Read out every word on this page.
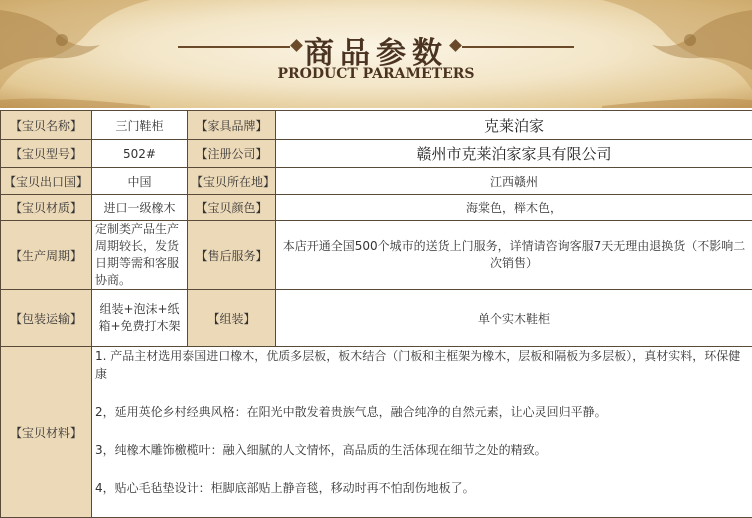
商品参数
PRODUCT PARAMETERS
【宝贝名称】	三门鞋柜	【家具品牌】	克莱泊家
【宝贝型号】	502#	【注册公司】	赣州市克莱泊家家具有限公司
【宝贝出口国】	中国	【宝贝所在地】	江西赣州
【宝贝材质】	进口一级橡木	【宝贝颜色】	海棠色，榉木色，
【生产周期】	定制类产品生产周期较长，发货日期等需和客服协商。	【售后服务】	本店开通全国500个城市的送货上门服务，详情请咨询客服7天无理由退换货（不影响二次销售）
【包装运输】	组装+泡沫+纸箱+免费打木架	【组装】	单个实木鞋柜
【宝贝材料】	1. 产品主材选用泰国进口橡木，优质多层板，板木结合（门板和主框架为橡木，层板和隔板为多层板），真材实料，环保健康
2，延用英伦乡村经典风格：在阳光中散发着贵族气息，融合纯净的自然元素，让心灵回归平静。
3，纯橡木雕饰檄榄叶：融入细腻的人文情怀，高品质的生活体现在细节之处的精致。
4，贴心毛毡垫设计：柜脚底部贴上静音毯，移动时再不怕刮伤地板了。		
